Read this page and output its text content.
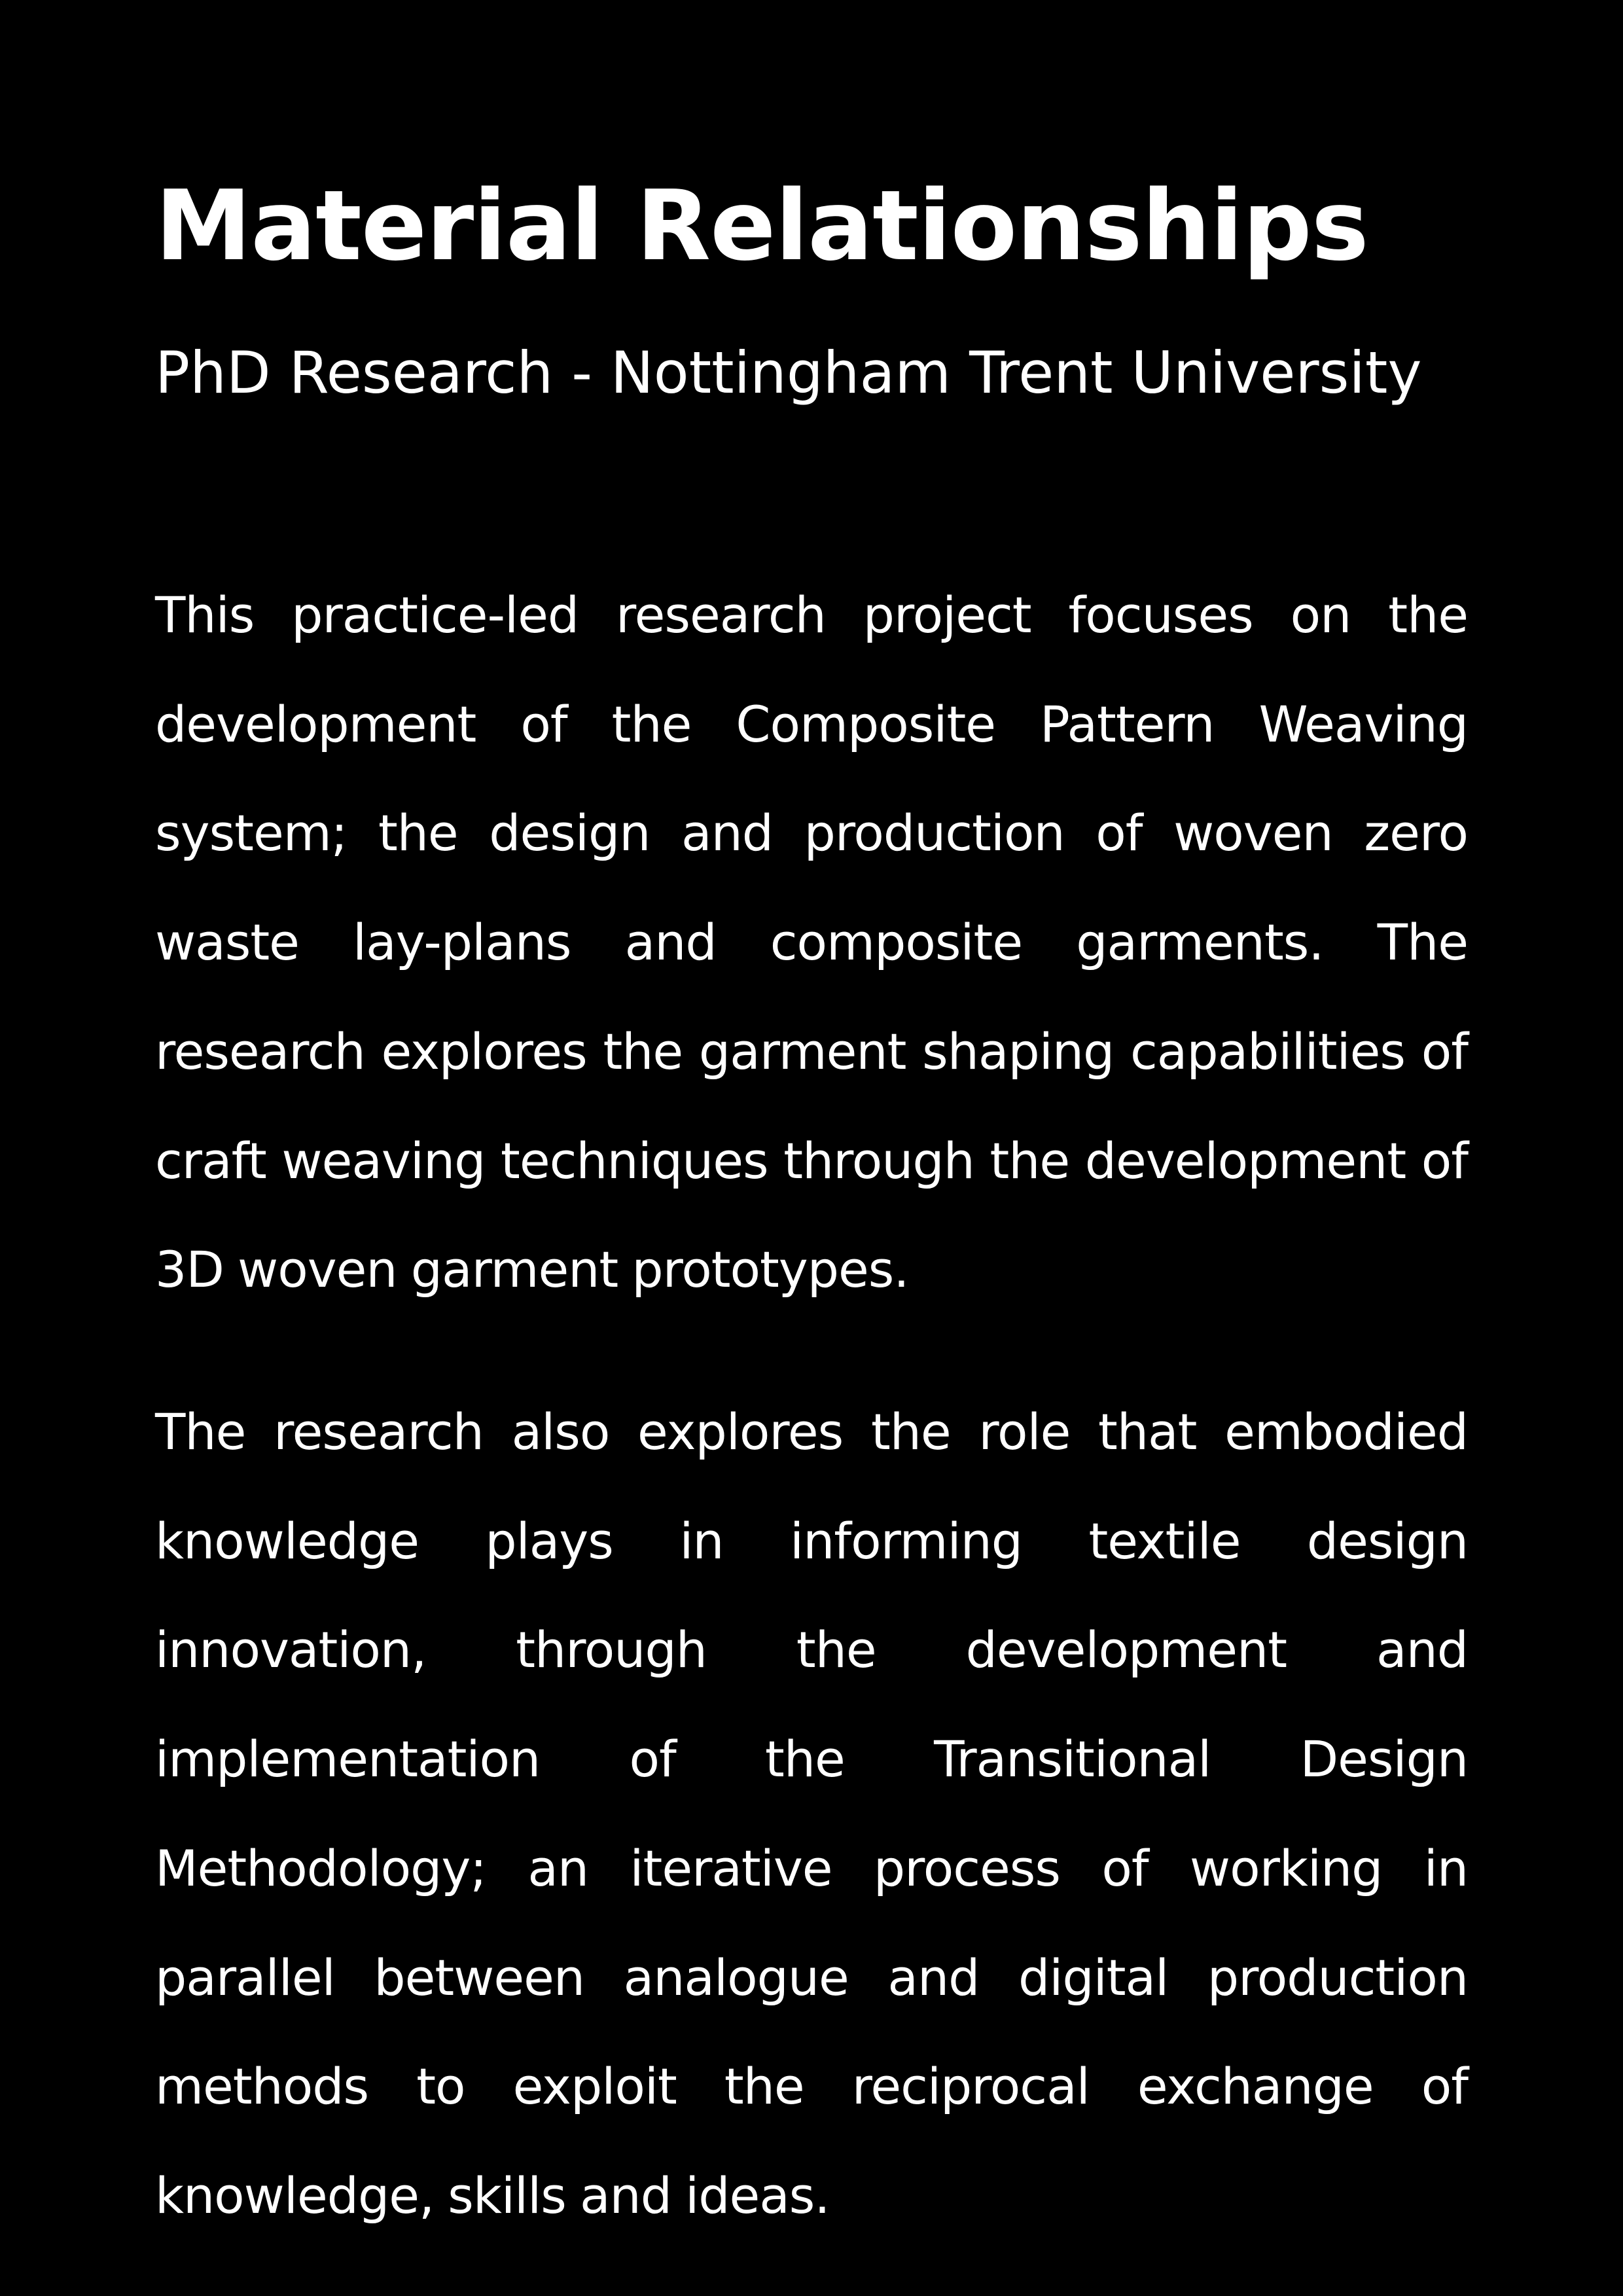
Material Relationships
PhD Research - Nottingham Trent University

This practice-led research project focuses on the development of the Composite Pattern Weaving system; the design and production of woven zero waste lay-plans and composite garments. The research explores the garment shaping capabilities of craft weaving techniques through the development of 3D woven garment prototypes.

The research also explores the role that embodied knowledge plays in informing textile design innovation, through the development and implementation of the Transitional Design Methodology; an iterative process of working in parallel between analogue and digital production methods to exploit the reciprocal exchange of knowledge, skills and ideas.
